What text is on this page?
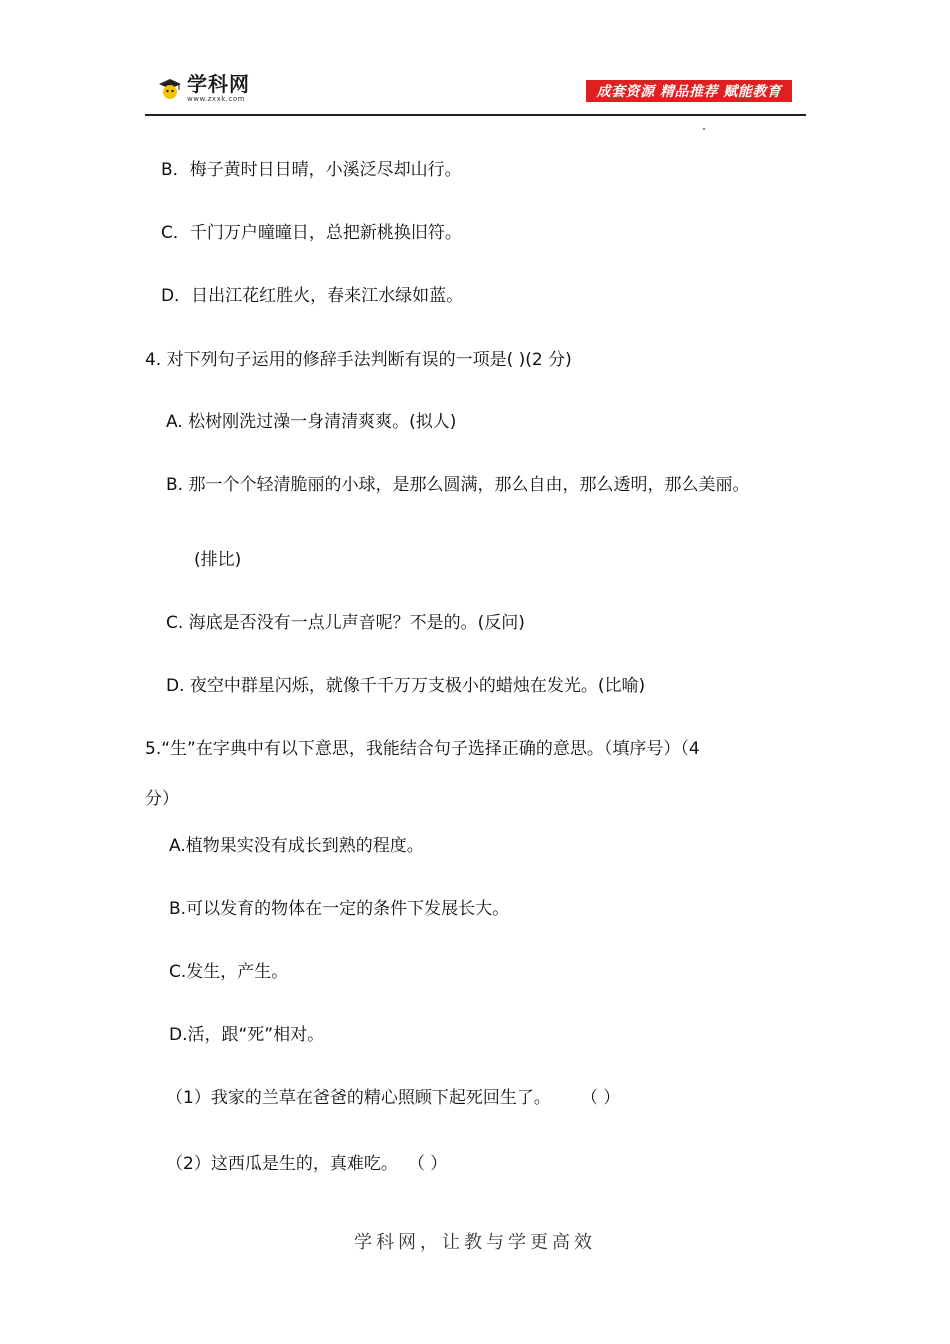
学科网
www.zxxk.com	成套资源 精品推荐 赋能教育
B．梅子黄时日日晴，小溪泛尽却山行。
C．千门万户曈曈日，总把新桃换旧符。
D．日出江花红胜火，春来江水绿如蓝。
4. 对下列句子运用的修辞手法判断有误的一项是( )(2 分)
A. 松树刚洗过澡一身清清爽爽。(拟人)
B. 那一个个轻清脆丽的小球，是那么圆满，那么自由，那么透明，那么美丽。
(排比)
C. 海底是否没有一点儿声音呢？不是的。(反问)
D. 夜空中群星闪烁，就像千千万万支极小的蜡烛在发光。(比喻)
5.“生”在字典中有以下意思，我能结合句子选择正确的意思。（填序号）（4
分）
A.植物果实没有成长到熟的程度。
B.可以发育的物体在一定的条件下发展长大。
C.发生，产生。
D.活，跟“死”相对。
（1）我家的兰草在爸爸的精心照顾下起死回生了。 （ ）
（2）这西瓜是生的，真难吃。 （ ）
学科网，让教与学更高效
